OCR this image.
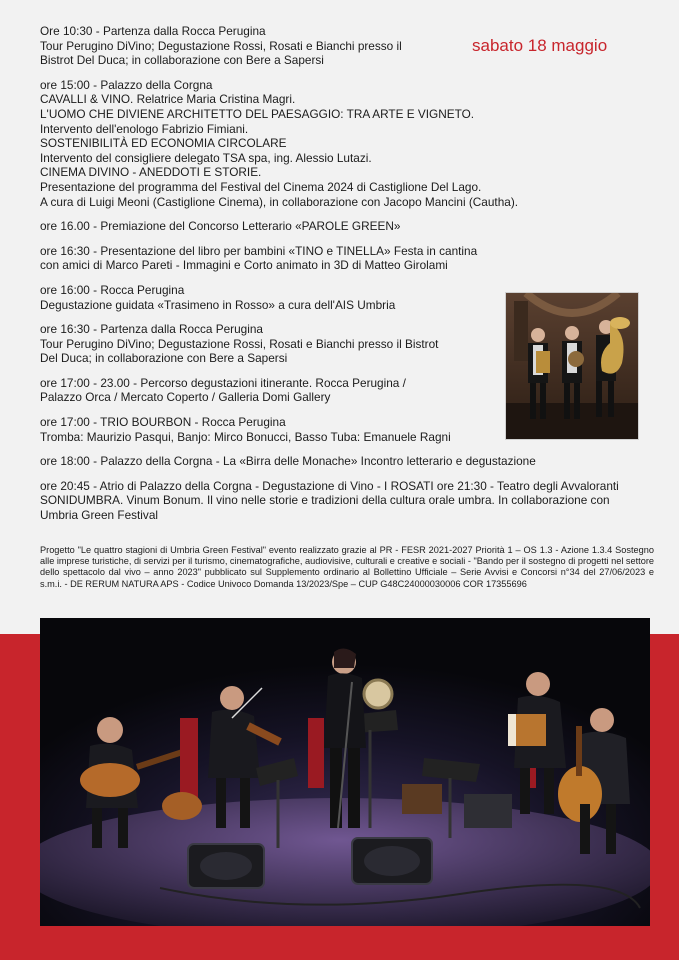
sabato 18 maggio

Ore 10:30 - Partenza dalla Rocca Perugina

Tour Perugino DiVino; Degustazione Rossi, Rosati e Bianchi presso il

Bistrot Del Duca; in collaborazione con Bere a Sapersi

ore 15:00 - Palazzo della Corgna

CAVALLI & VINO. Relatrice Maria Cristina Magri.

L'UOMO CHE DIVIENE ARCHITETTO DEL PAESAGGIO: TRA ARTE E VIGNETO.

Intervento dell'enologo Fabrizio Fimiani.

SOSTENIBILITÀ ED ECONOMIA CIRCOLARE

Intervento del consigliere delegato TSA spa, ing. Alessio Lutazi.

CINEMA DIVINO - ANEDDOTI E STORIE.

Presentazione del programma del Festival del Cinema 2024 di Castiglione Del Lago.

A cura di Luigi Meoni (Castiglione Cinema), in collaborazione con Jacopo Mancini (Cautha).

ore 16.00 - Premiazione del Concorso Letterario «PAROLE GREEN»

ore 16:30 - Presentazione del libro per bambini «TINO e TINELLA» Festa in cantina

con amici di Marco Pareti - Immagini e Corto animato in 3D di Matteo Girolami

ore 16:00 - Rocca Perugina

Degustazione guidata «Trasimeno in Rosso» a cura dell'AIS Umbria

ore 16:30 - Partenza dalla Rocca Perugina

Tour Perugino DiVino; Degustazione Rossi, Rosati e Bianchi presso il Bistrot

Del Duca; in collaborazione con Bere a Sapersi

ore 17:00 - 23.00 - Percorso degustazioni itinerante. Rocca Perugina /

Palazzo Orca / Mercato Coperto / Galleria Domi Gallery

ore 17:00 - TRIO BOURBON - Rocca Perugina

Tromba: Maurizio Pasqui, Banjo: Mirco Bonucci, Basso Tuba: Emanuele Ragni

ore 18:00 - Palazzo della Corgna - La «Birra delle Monache» Incontro letterario e degustazione

ore 20:45 - Atrio di Palazzo della Corgna - Degustazione di Vino - I ROSATI ore 21:30 - Teatro degli Avvaloranti

SONIDUMBRA. Vinum Bonum. Il vino nelle storie e tradizioni della cultura orale umbra. In collaborazione con

Umbria Green Festival

Progetto "Le quattro stagioni di Umbria Green Festival" evento realizzato grazie al PR - FESR 2021-2027 Priorità 1 – OS 1.3 - Azione 1.3.4 Sostegno alle imprese turistiche, di servizi per il turismo, cinematografiche, audiovisive, culturali e creative e sociali - "Bando per il sostegno di progetti nel settore dello spettacolo dal vivo – anno 2023" pubblicato sul Supplemento ordinario al Bollettino Ufficiale – Serie Avvisi e Concorsi n°34 del 27/06/2023 e s.m.i. - DE RERUM NATURA APS - Codice Univoco Domanda 13/2023/Spe – CUP G48C24000030006 COR 17355696
